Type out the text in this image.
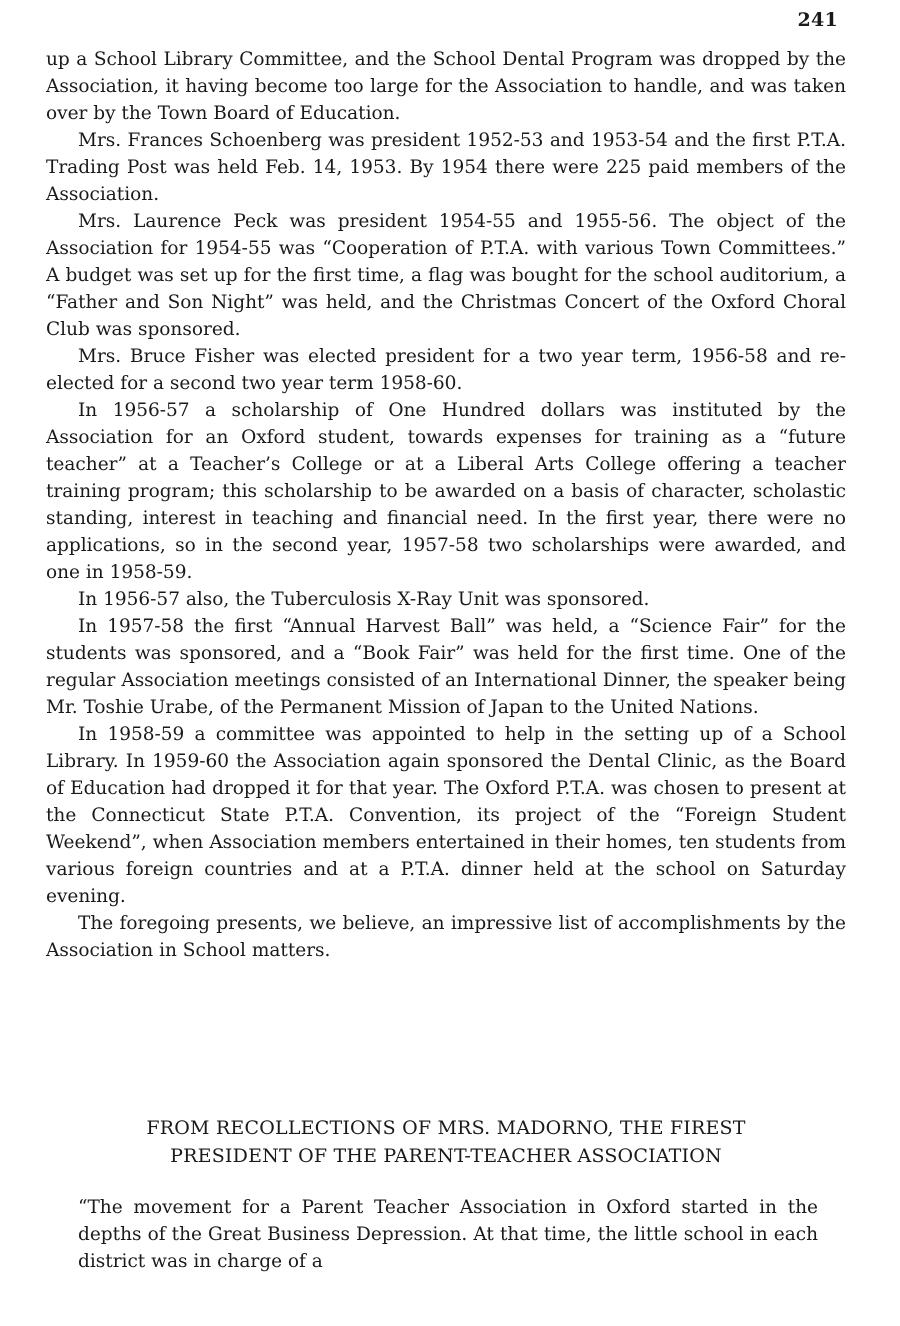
241

up a School Library Committee, and the School Dental Program was dropped by the Association, it having become too large for the Association to handle, and was taken over by the Town Board of Education.

Mrs. Frances Schoenberg was president 1952-53 and 1953-54 and the first P.T.A. Trading Post was held Feb. 14, 1953. By 1954 there were 225 paid members of the Association.

Mrs. Laurence Peck was president 1954-55 and 1955-56. The object of the Association for 1954-55 was “Cooperation of P.T.A. with various Town Committees.” A budget was set up for the first time, a flag was bought for the school auditorium, a “Father and Son Night” was held, and the Christmas Concert of the Oxford Choral Club was sponsored.

Mrs. Bruce Fisher was elected president for a two year term, 1956-58 and re-elected for a second two year term 1958-60.

In 1956-57 a scholarship of One Hundred dollars was instituted by the Association for an Oxford student, towards expenses for training as a “future teacher” at a Teacher’s College or at a Liberal Arts College offering a teacher training program; this scholarship to be awarded on a basis of character, scholastic standing, interest in teaching and financial need. In the first year, there were no applications, so in the second year, 1957-58 two scholarships were awarded, and one in 1958-59.

In 1956-57 also, the Tuberculosis X-Ray Unit was sponsored.

In 1957-58 the first “Annual Harvest Ball” was held, a “Science Fair” for the students was sponsored, and a “Book Fair” was held for the first time. One of the regular Association meetings consisted of an International Dinner, the speaker being Mr. Toshie Urabe, of the Permanent Mission of Japan to the United Nations.

In 1958-59 a committee was appointed to help in the setting up of a School Library. In 1959-60 the Association again sponsored the Dental Clinic, as the Board of Education had dropped it for that year. The Oxford P.T.A. was chosen to present at the Connecticut State P.T.A. Convention, its project of the “Foreign Student Weekend”, when Association members entertained in their homes, ten students from various foreign countries and at a P.T.A. dinner held at the school on Saturday evening.

The foregoing presents, we believe, an impressive list of accomplishments by the Association in School matters.

FROM RECOLLECTIONS OF MRS. MADORNO, THE FIREST
PRESIDENT OF THE PARENT-TEACHER ASSOCIATION

“The movement for a Parent Teacher Association in Oxford started in the depths of the Great Business Depression. At that time, the little school in each district was in charge of a
